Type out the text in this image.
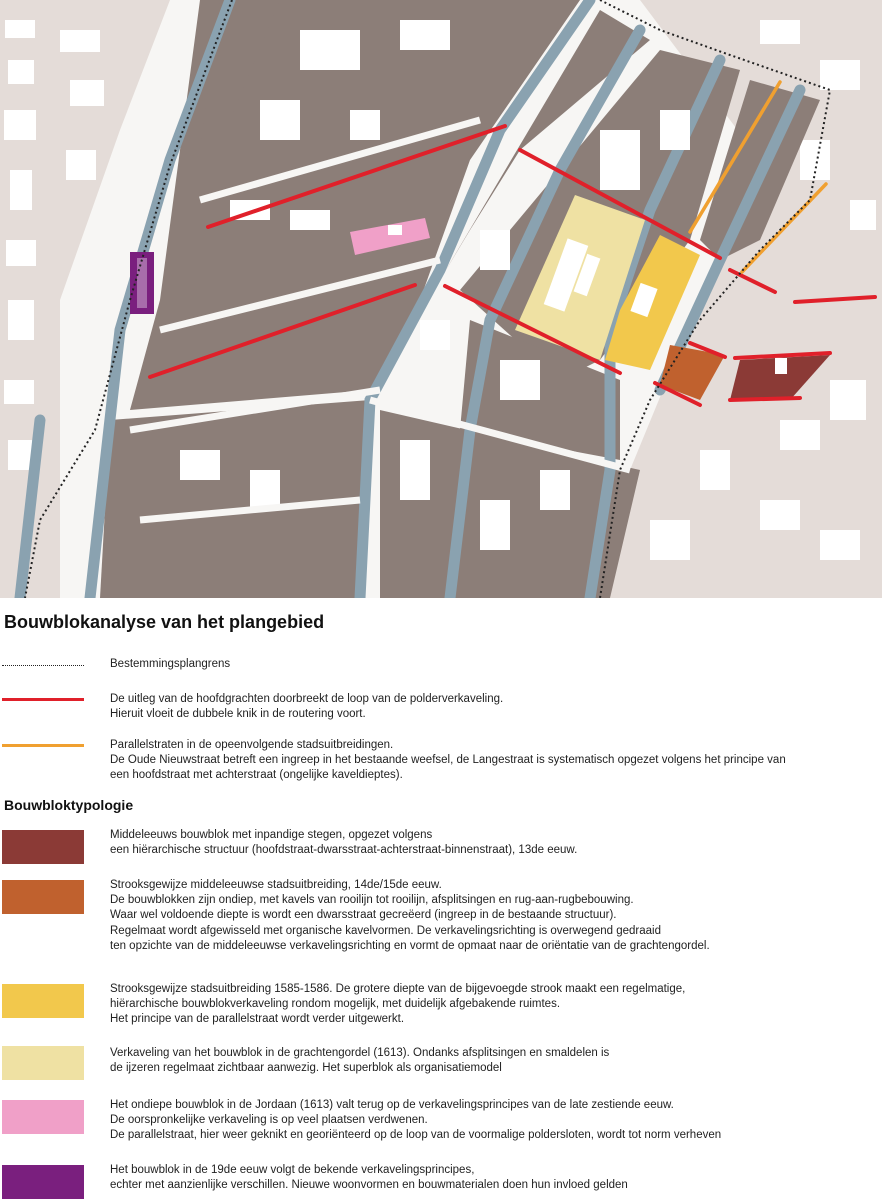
Bouwblokanalyse van het plangebied
Bestemmingsplangrens
De uitleg van de hoofdgrachten doorbreekt de loop van de polderverkaveling.
Hieruit vloeit de dubbele knik in de routering voort.
Parallelstraten in de opeenvolgende stadsuitbreidingen.
De Oude Nieuwstraat betreft een ingreep in het bestaande weefsel, de Langestraat is systematisch opgezet volgens het principe van
een hoofdstraat met achterstraat (ongelijke kaveldieptes).
Bouwbloktypologie
Middeleeuws bouwblok met inpandige stegen, opgezet volgens
een hiërarchische structuur (hoofdstraat-dwarsstraat-achterstraat-binnenstraat), 13de eeuw.
Strooksgewijze middeleeuwse stadsuitbreiding, 14de/15de eeuw.
De bouwblokken zijn ondiep, met kavels van rooilijn tot rooilijn, afsplitsingen en rug-aan-rugbebouwing.
Waar wel voldoende diepte is wordt een dwarsstraat gecreëerd (ingreep in de bestaande structuur).
Regelmaat wordt afgewisseld met organische kavelvormen. De verkavelingsrichting is overwegend gedraaid
ten opzichte van de middeleeuwse verkavelingsrichting en vormt de opmaat naar de oriëntatie van de grachtengordel.
Strooksgewijze stadsuitbreiding 1585-1586. De grotere diepte van de bijgevoegde strook maakt een regelmatige,
hiërarchische bouwblokverkaveling rondom mogelijk, met duidelijk afgebakende ruimtes.
Het principe van de parallelstraat wordt verder uitgewerkt.
Verkaveling van het bouwblok in de grachtengordel (1613). Ondanks afsplitsingen en smaldelen is
de ijzeren regelmaat zichtbaar aanwezig. Het superblok als organisatiemodel
Het ondiepe bouwblok in de Jordaan (1613) valt terug op de verkavelingsprincipes van de late zestiende eeuw.
De oorspronkelijke verkaveling is op veel plaatsen verdwenen.
De parallelstraat, hier weer geknikt en georiënteerd op de loop van de voormalige poldersloten, wordt tot norm verheven
Het bouwblok in de 19de eeuw volgt de bekende verkavelingsprincipes,
echter met aanzienlijke verschillen. Nieuwe woonvormen en bouwmaterialen doen hun invloed gelden
